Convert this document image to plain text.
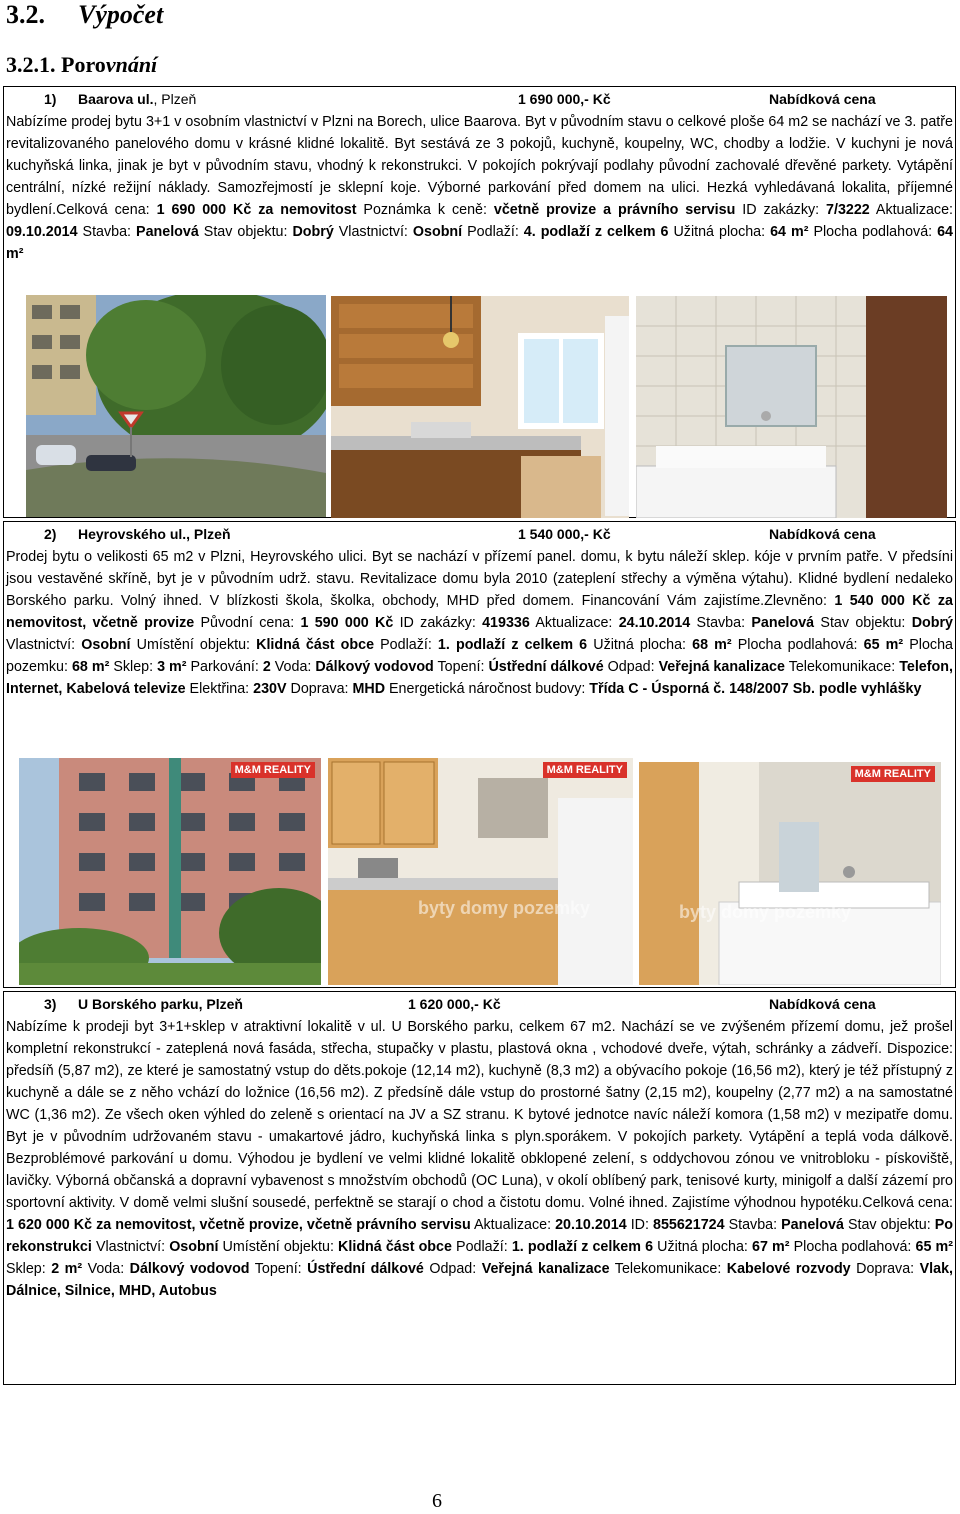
3.2. Výpočet
3.2.1. Porovnání
1) Baarova ul., Plzeň	1 690 000,- Kč	Nabídková cena
Nabízíme prodej bytu 3+1 v osobním vlastnictví v Plzni na Borech, ulice Baarova. Byt v původním stavu o celkové ploše 64 m2 se nachází ve 3. patře revitalizovaného panelového domu v krásné klidné lokalitě. Byt sestává ze 3 pokojů, kuchyně, koupelny, WC, chodby a lodžie. V kuchyni je nová kuchyňská linka, jinak je byt v původním stavu, vhodný k rekonstrukci. V pokojích pokrývají podlahy původní zachovalé dřevěné parkety. Vytápění centrální, nízké režijní náklady. Samozřejmostí je sklepní koje. Výborné parkování před domem na ulici. Hezká vyhledávaná lokalita, příjemné bydlení.Celková cena: 1 690 000 Kč za nemovitost Poznámka k ceně: včetně provize a právního servisu ID zakázky: 7/3222 Aktualizace: 09.10.2014 Stavba: Panelová Stav objektu: Dobrý Vlastnictví: Osobní Podlaží: 4. podlaží z celkem 6 Užitná plocha: 64 m² Plocha podlahová: 64 m²
2) Heyrovského ul., Plzeň	1 540 000,- Kč	Nabídková cena
Prodej bytu o velikosti 65 m2 v Plzni, Heyrovského ulici. Byt se nachází v přízemí panel. domu, k bytu náleží sklep. kóje v prvním patře. V předsíni jsou vestavěné skříně, byt je v původním udrž. stavu. Revitalizace domu byla 2010 (zateplení střechy a výměna výtahu). Klidné bydlení nedaleko Borského parku. Volný ihned. V blízkosti škola, školka, obchody, MHD před domem. Financování Vám zajistíme.Zlevněno: 1 540 000 Kč za nemovitost, včetně provize Původní cena: 1 590 000 Kč ID zakázky: 419336 Aktualizace: 24.10.2014 Stavba: Panelová Stav objektu: Dobrý Vlastnictví: Osobní Umístění objektu: Klidná část obce Podlaží: 1. podlaží z celkem 6 Užitná plocha: 68 m² Plocha podlahová: 65 m² Plocha pozemku: 68 m² Sklep: 3 m² Parkování: 2 Voda: Dálkový vodovod Topení: Ústřední dálkové Odpad: Veřejná kanalizace Telekomunikace: Telefon, Internet, Kabelová televize Elektřina: 230V Doprava: MHD Energetická náročnost budovy: Třída C - Úsporná č. 148/2007 Sb. podle vyhlášky
M&M REALITY	M&M REALITY
byty domy pozemky
M&M REALITY
byty domy pozemky
3) U Borského parku, Plzeň	1 620 000,- Kč	Nabídková cena
Nabízíme k prodeji byt 3+1+sklep v atraktivní lokalitě v ul. U Borského parku, celkem 67 m2. Nachází se ve zvýšeném přízemí domu, jež prošel kompletní rekonstrukcí - zateplená nová fasáda, střecha, stupačky v plastu, plastová okna , vchodové dveře, výtah, schránky a zádveří. Dispozice: předsíň (5,87 m2), ze které je samostatný vstup do děts.pokoje (12,14 m2), kuchyně (8,3 m2) a obývacího pokoje (16,56 m2), který je též přístupný z kuchyně a dále se z něho vchází do ložnice (16,56 m2). Z předsíně dále vstup do prostorné šatny (2,15 m2), koupelny (2,77 m2) a na samostatné WC (1,36 m2). Ze všech oken výhled do zeleně s orientací na JV a SZ stranu. K bytové jednotce navíc náleží komora (1,58 m2) v mezipatře domu. Byt je v původním udržovaném stavu - umakartové jádro, kuchyňská linka s plyn.sporákem. V pokojích parkety. Vytápění a teplá voda dálkově. Bezproblémové parkování u domu. Výhodou je bydlení ve velmi klidné lokalitě obklopené zelení, s oddychovou zónou ve vnitrobloku - pískoviště, lavičky. Výborná občanská a dopravní vybavenost s množstvím obchodů (OC Luna), v okolí oblíbený park, tenisové kurty, minigolf a další zázemí pro sportovní aktivity. V domě velmi slušní sousedé, perfektně se starají o chod a čistotu domu. Volné ihned. Zajistíme výhodnou hypotéku.Celková cena: 1 620 000 Kč za nemovitost, včetně provize, včetně právního servisu Aktualizace: 20.10.2014 ID: 855621724 Stavba: Panelová Stav objektu: Po rekonstrukci Vlastnictví: Osobní Umístění objektu: Klidná část obce Podlaží: 1. podlaží z celkem 6 Užitná plocha: 67 m² Plocha podlahová: 65 m² Sklep: 2 m² Voda: Dálkový vodovod Topení: Ústřední dálkové Odpad: Veřejná kanalizace Telekomunikace: Kabelové rozvody Doprava: Vlak, Dálnice, Silnice, MHD, Autobus
6
